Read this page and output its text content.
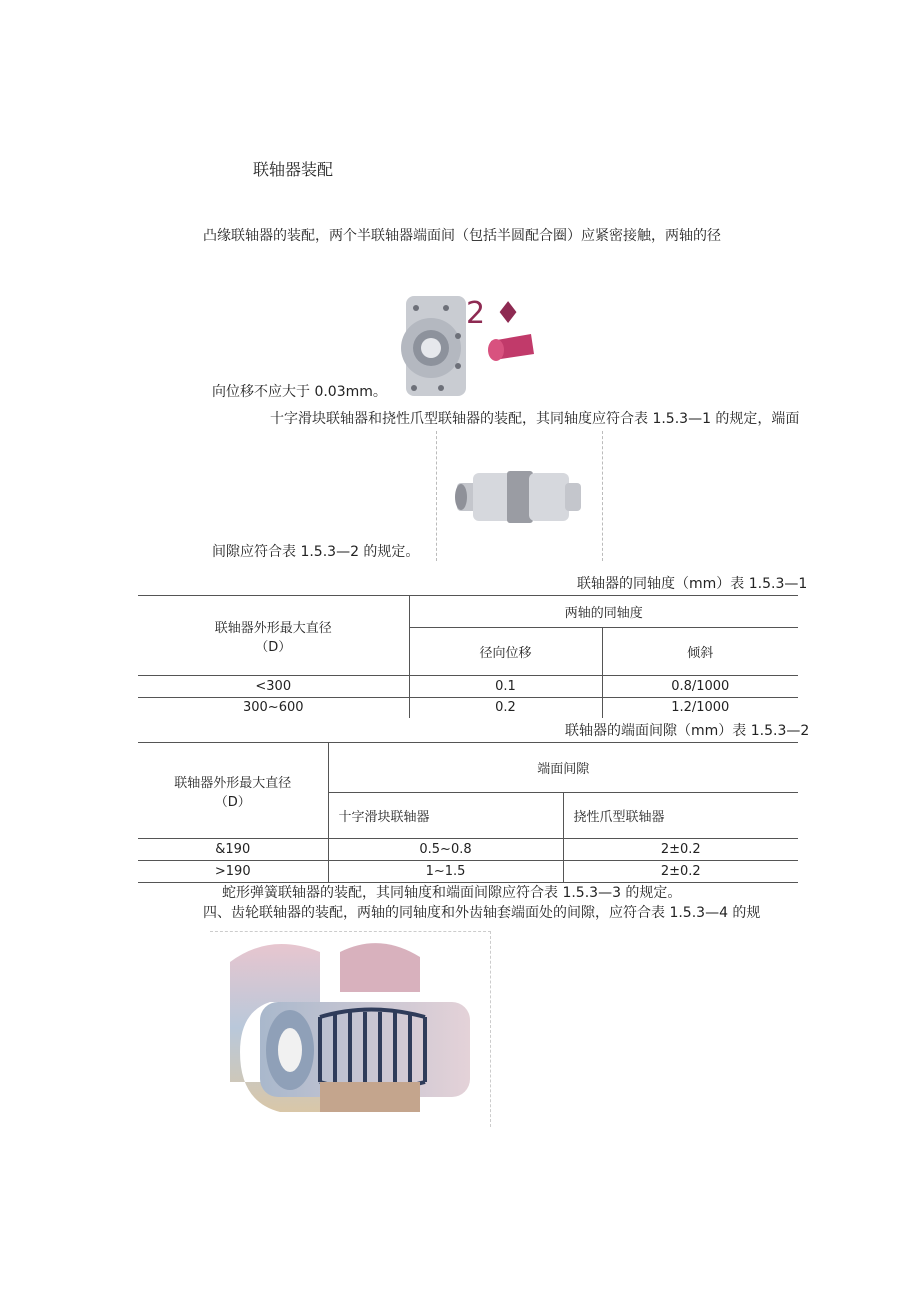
联轴器装配
凸缘联轴器的装配，两个半联轴器端面间（包括半圆配合圈）应紧密接触，两轴的径
2 ♦
向位移不应大于 0.03mm。
十字滑块联轴器和挠性爪型联轴器的装配，其同轴度应符合表 1.5.3—1 的规定，端面
间隙应符合表 1.5.3—2 的规定。
联轴器的同轴度（mm）表 1.5.3—1
联轴器外形最大直径
（D）	两轴的同轴度	
	径向位移	倾斜
<300	0.1	0.8/1000
300~600	0.2	1.2/1000
联轴器的端面间隙（mm）表 1.5.3—2
联轴器外形最大直径
（D）	端面间隙	
	十字滑块联轴器	挠性爪型联轴器
&190	0.5~0.8	2±0.2
>190	1~1.5	2±0.2
蛇形弹簧联轴器的装配，其同轴度和端面间隙应符合表 1.5.3—3 的规定。
四、齿轮联轴器的装配，两轴的同轴度和外齿轴套端面处的间隙，应符合表 1.5.3—4 的规
